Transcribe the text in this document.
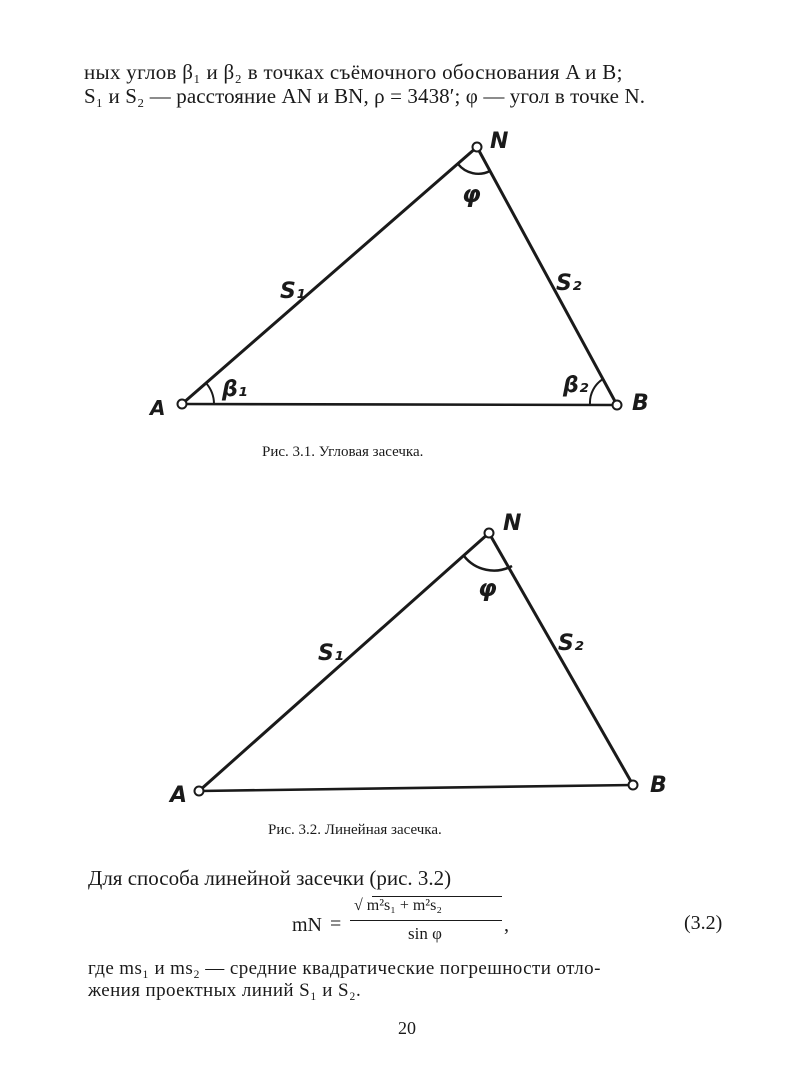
ных углов β₁ и β₂ в точках съёмочного обоснования A и B;
S₁ и S₂ — расстояние AN и BN, ρ = 3438′; φ — угол в точке N.
N
A	B
S₁	S₂
φ
β₁	β₂
N
A	B
S₁	S₂
φ
Рис. 3.1. Угловая засечка.
Рис. 3.2. Линейная засечка.
Для способа линейной засечки (рис. 3.2)
mN =
√ m²s₁ + m²s₂
sin φ	,	(3.2)
где ms₁ и ms₂ — средние квадратические погрешности отло-
жения проектных линий S₁ и S₂.
20
